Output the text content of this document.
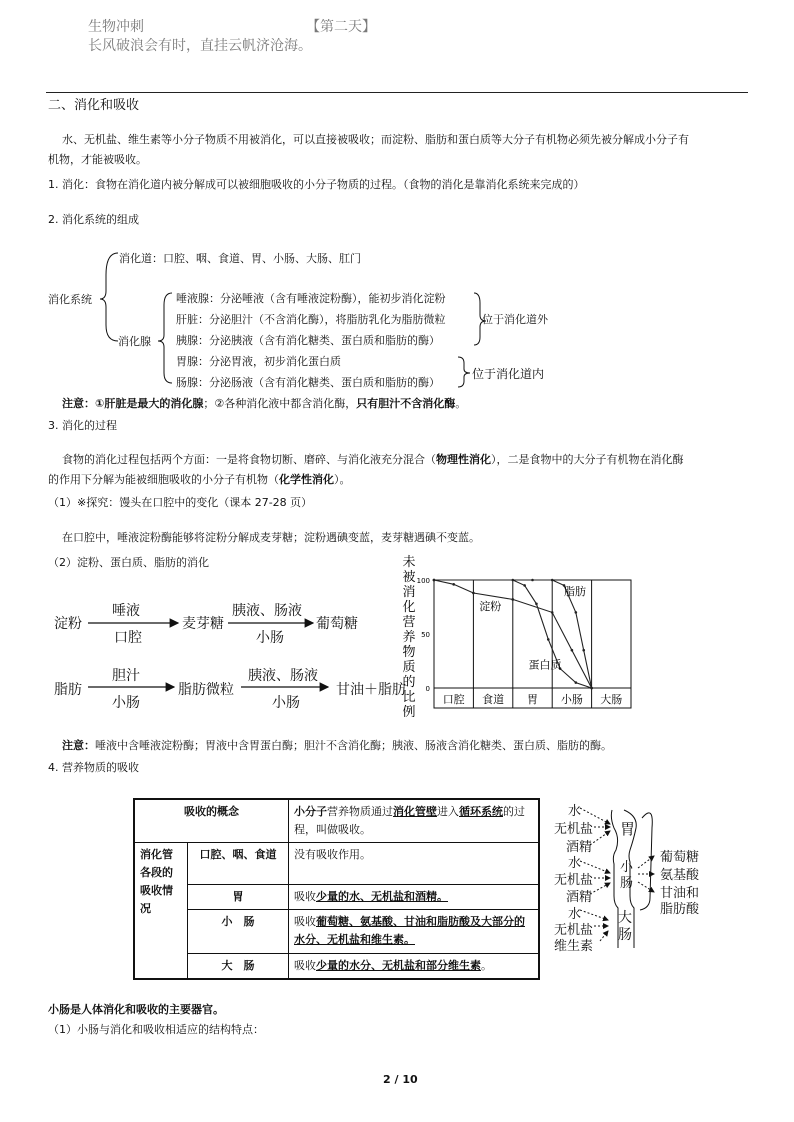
生物冲刺	【第二天】
长风破浪会有时，直挂云帆济沧海。
二、消化和吸收
水、无机盐、维生素等小分子物质不用被消化，可以直接被吸收；而淀粉、脂肪和蛋白质等大分子有机物必须先被分解成小分子有
机物，才能被吸收。
1. 消化：食物在消化道内被分解成可以被细胞吸收的小分子物质的过程。（食物的消化是靠消化系统来完成的）
2. 消化系统的组成
消化系统
消化道：口腔、咽、食道、胃、小肠、大肠、肛门
消化腺
唾液腺：分泌唾液（含有唾液淀粉酶），能初步消化淀粉
肝脏：分泌胆汁（不含消化酶），将脂肪乳化为脂肪微粒
胰腺：分泌胰液（含有消化糖类、蛋白质和脂肪的酶）
胃腺：分泌胃液，初步消化蛋白质
肠腺：分泌肠液（含有消化糖类、蛋白质和脂肪的酶）
位于消化道外
位于消化道内
注意：①肝脏是最大的消化腺；②各种消化液中都含消化酶，只有胆汁不含消化酶。
3. 消化的过程
食物的消化过程包括两个方面：一是将食物切断、磨碎、与消化液充分混合（物理性消化），二是食物中的大分子有机物在消化酶
的作用下分解为能被细胞吸收的小分子有机物（化学性消化）。
（1）※探究：馒头在口腔中的变化（课本 27-28 页）
在口腔中，唾液淀粉酶能够将淀粉分解成麦芽糖；淀粉遇碘变蓝，麦芽糖遇碘不变蓝。
（2）淀粉、蛋白质、脂肪的消化
淀粉
唾液
口腔
麦芽糖
胰液、肠液
小肠
葡萄糖
脂肪
胆汁
小肠
脂肪微粒
胰液、肠液
小肠
甘油＋脂肪
未被消化营养物质的比例
口腔 食道 胃 小肠 大肠
0
50
100
淀粉
脂肪
蛋白质
注意：唾液中含唾液淀粉酶；胃液中含胃蛋白酶；胆汁不含消化酶；胰液、肠液含消化糖类、蛋白质、脂肪的酶。
4. 营养物质的吸收
吸收的概念		小分子营养物质通过消化管壁进入循环系统的过程，叫做吸收。
消化管各段的吸收情况	口腔、咽、食道	没有吸收作用。
	胃	吸收少量的水、无机盐和酒精。
	小　肠	吸收葡萄糖、氨基酸、甘油和脂肪酸及大部分的水分、无机盐和维生素。
	大　肠	吸收少量的水分、无机盐和部分维生素。
水
无机盐
酒精
胃
水
无机盐
酒精
小肠
葡萄糖
氨基酸
甘油和
脂肪酸
水
无机盐
维生素
大肠
小肠是人体消化和吸收的主要器官。
（1）小肠与消化和吸收相适应的结构特点：
2 / 10
